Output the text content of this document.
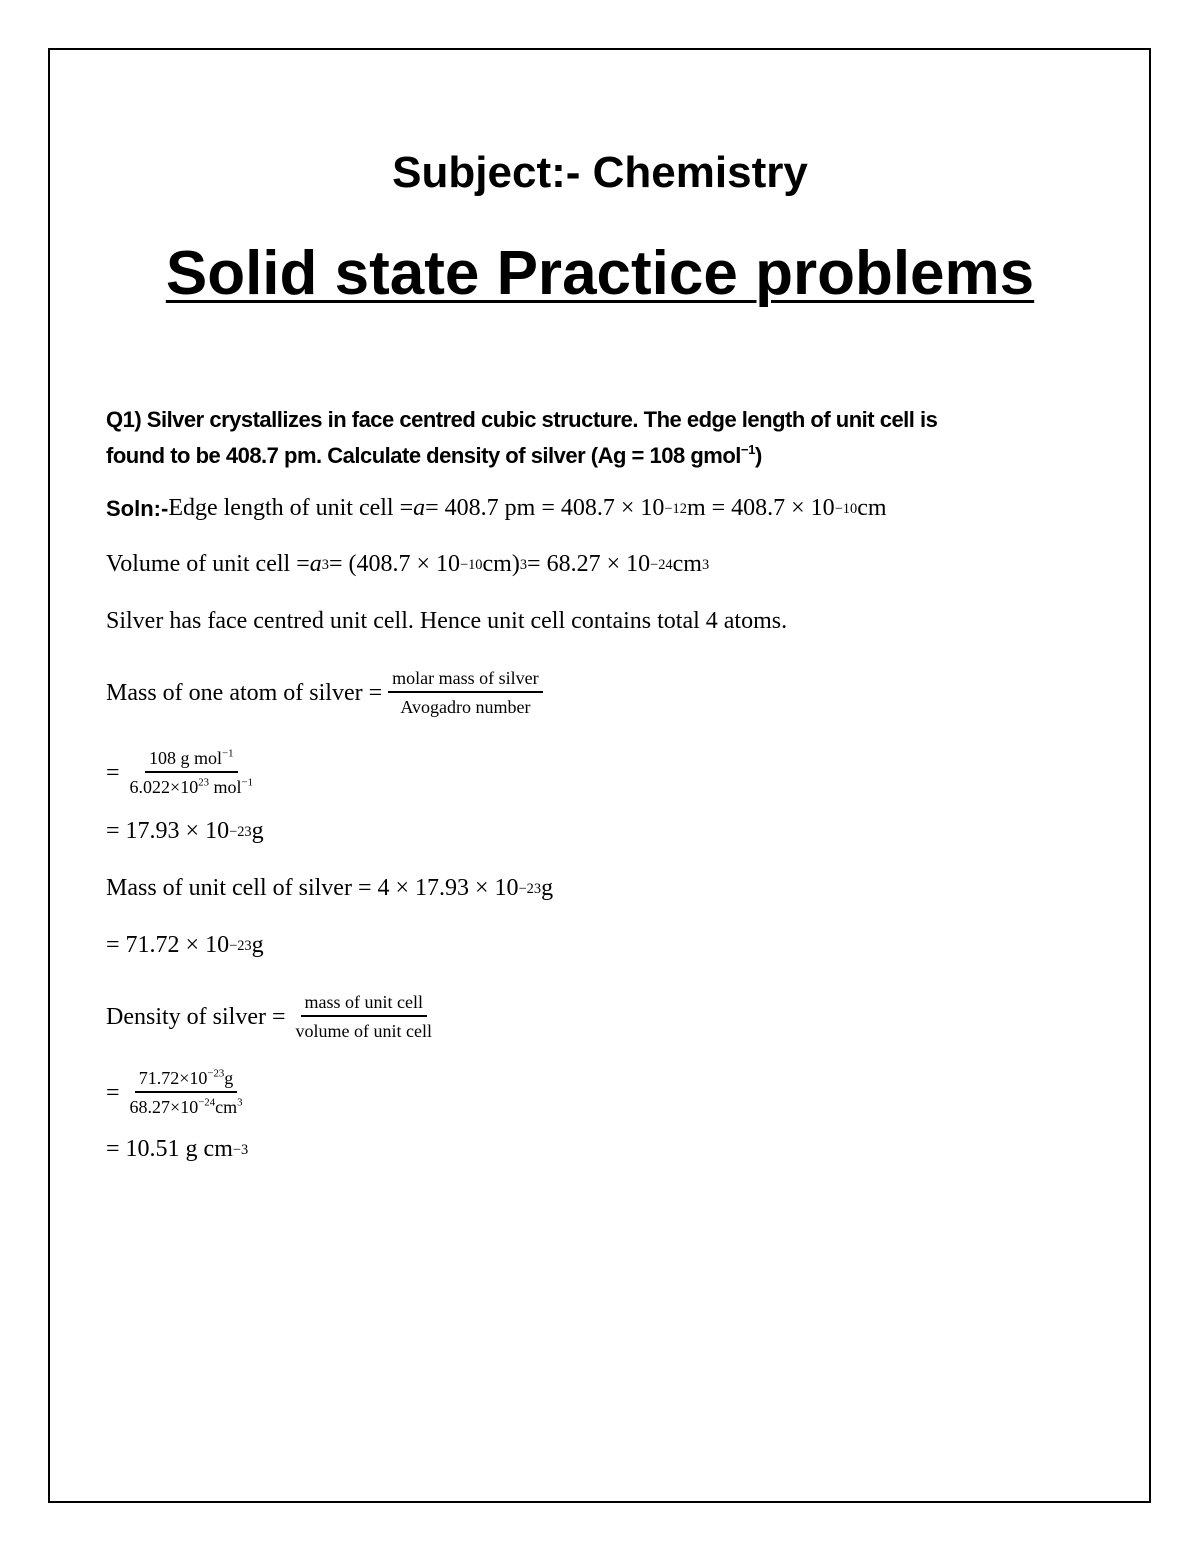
Subject:- Chemistry
Solid state Practice problems
Q1) Silver crystallizes in face centred cubic structure. The edge length of unit cell is
found to be 408.7 pm. Calculate density of silver (Ag = 108 gmol$^{-1}$)
Soln:- Edge length of unit cell = a = 408.7 pm = 408.7 × 10 −12 m = 408.7 × 10 −10 cm
Volume of unit cell = a 3 = (408.7 × 10 −10 cm) 3 = 68.27 × 10 −24 cm 3
Silver has face centred unit cell. Hence unit cell contains total 4 atoms.
Mass of one atom of silver = $\frac{\text{molar mass of silver}}{\text{Avogadro number}}$
= $\frac{108 g mol^{-1}}{6.022\times 10^{23} mol^{-1}}$
= 17.93 × 10 −23 g
Mass of unit cell of silver = 4 × 17.93 × 10 −23 g
= 71.72 × 10 −23 g
Density of silver = $\frac{\text{mass of unit cell}}{\text{volume of unit cell}}$
= $\frac{71.72\times 10^{-23}g}{68.27\times 10^{-24}cm^3}$
= 10.51 g cm −3
